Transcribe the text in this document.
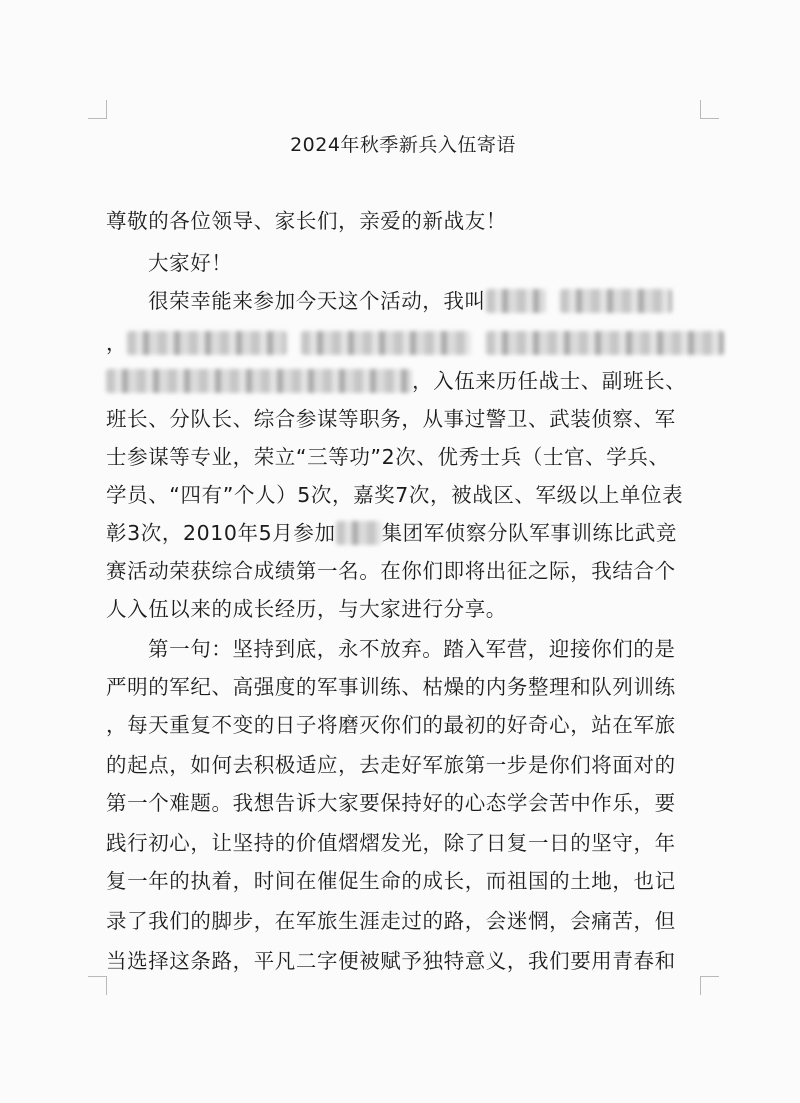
2024年秋季新兵入伍寄语
尊敬的各位领导、家长们，亲爱的新战友！
大家好！
很荣幸能来参加今天这个活动，我叫
，
，入伍来历任战士、副班长、
班长、分队长、综合参谋等职务，从事过警卫、武装侦察、军
士参谋等专业，荣立“三等功”2次、优秀士兵（士官、学兵、
学员、“四有”个人）5次，嘉奖7次，被战区、军级以上单位表
彰3次，2010年5月参加 集团军侦察分队军事训练比武竞
赛活动荣获综合成绩第一名。在你们即将出征之际，我结合个
人入伍以来的成长经历，与大家进行分享。
第一句：坚持到底，永不放弃。踏入军营，迎接你们的是
严明的军纪、高强度的军事训练、枯燥的内务整理和队列训练
，每天重复不变的日子将磨灭你们的最初的好奇心，站在军旅
的起点，如何去积极适应，去走好军旅第一步是你们将面对的
第一个难题。我想告诉大家要保持好的心态学会苦中作乐，要
践行初心，让坚持的价值熠熠发光，除了日复一日的坚守，年
复一年的执着，时间在催促生命的成长，而祖国的土地，也记
录了我们的脚步，在军旅生涯走过的路，会迷惘，会痛苦，但
当选择这条路，平凡二字便被赋予独特意义，我们要用青春和
